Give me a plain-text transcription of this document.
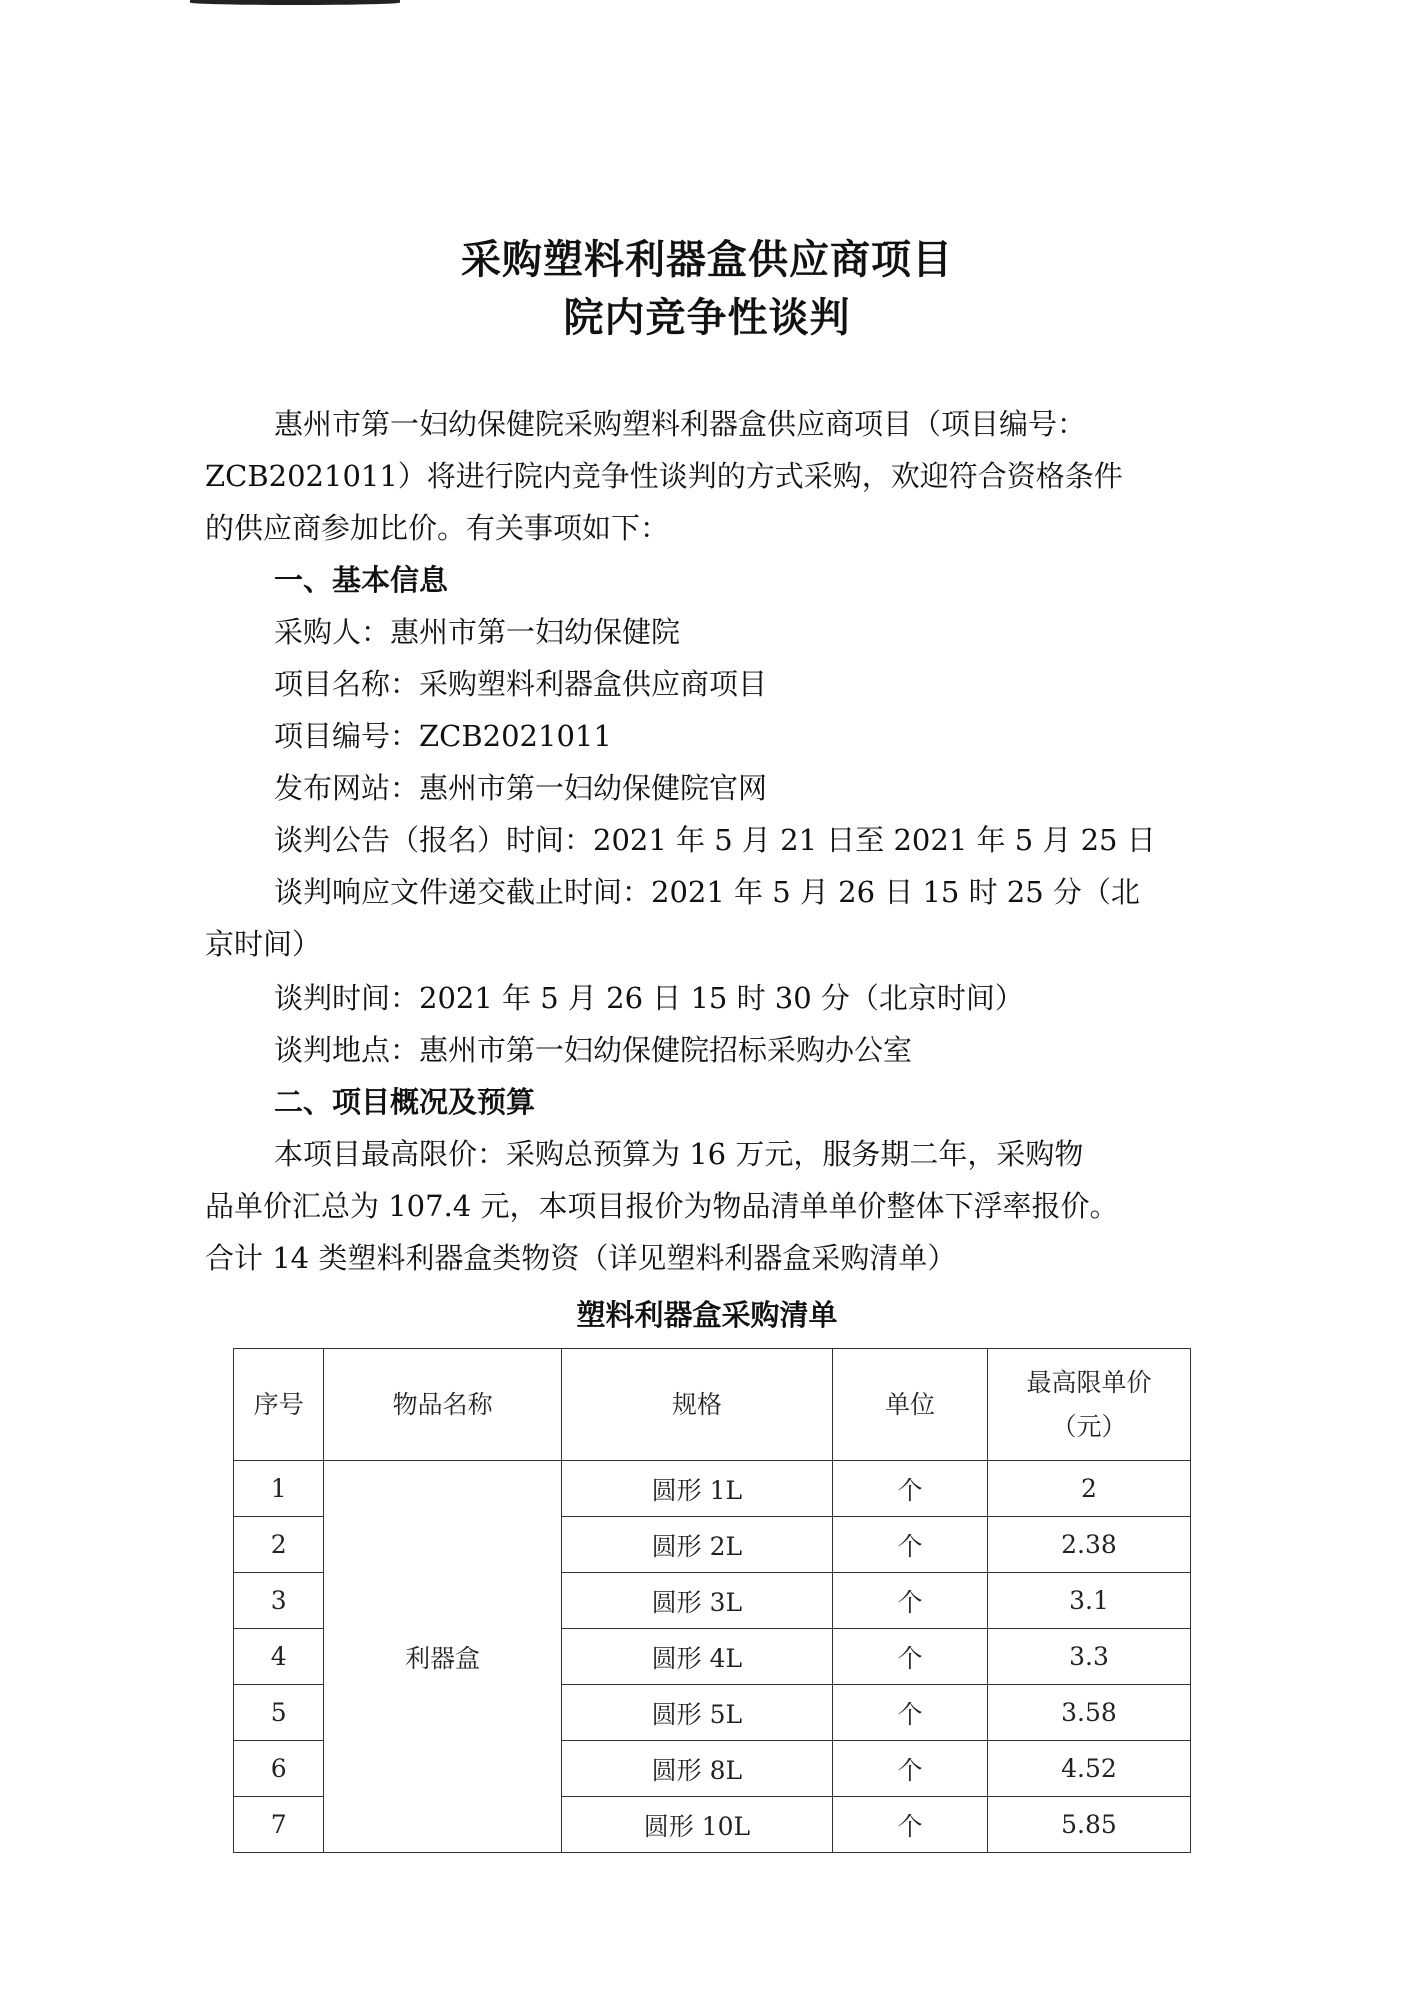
采购塑料利器盒供应商项目
院内竞争性谈判
惠州市第一妇幼保健院采购塑料利器盒供应商项目（项目编号：
ZCB2021011）将进行院内竞争性谈判的方式采购，欢迎符合资格条件
的供应商参加比价。有关事项如下：
一、基本信息
采购人：惠州市第一妇幼保健院
项目名称：采购塑料利器盒供应商项目
项目编号：ZCB2021011
发布网站：惠州市第一妇幼保健院官网
谈判公告（报名）时间：2021 年 5 月 21 日至 2021 年 5 月 25 日
谈判响应文件递交截止时间：2021 年 5 月 26 日 15 时 25 分（北
京时间）
谈判时间：2021 年 5 月 26 日 15 时 30 分（北京时间）
谈判地点：惠州市第一妇幼保健院招标采购办公室
二、项目概况及预算
本项目最高限价：采购总预算为 16 万元，服务期二年，采购物
品单价汇总为 107.4 元，本项目报价为物品清单单价整体下浮率报价。
合计 14 类塑料利器盒类物资（详见塑料利器盒采购清单）
塑料利器盒采购清单
序号	物品名称	规格	单位	最高限单价
（元）
1	利器盒	圆形 1L	个	2
2		圆形 2L	个	2.38
3		圆形 3L	个	3.1
4		圆形 4L	个	3.3
5		圆形 5L	个	3.58
6		圆形 8L	个	4.52
7		圆形 10L	个	5.85
